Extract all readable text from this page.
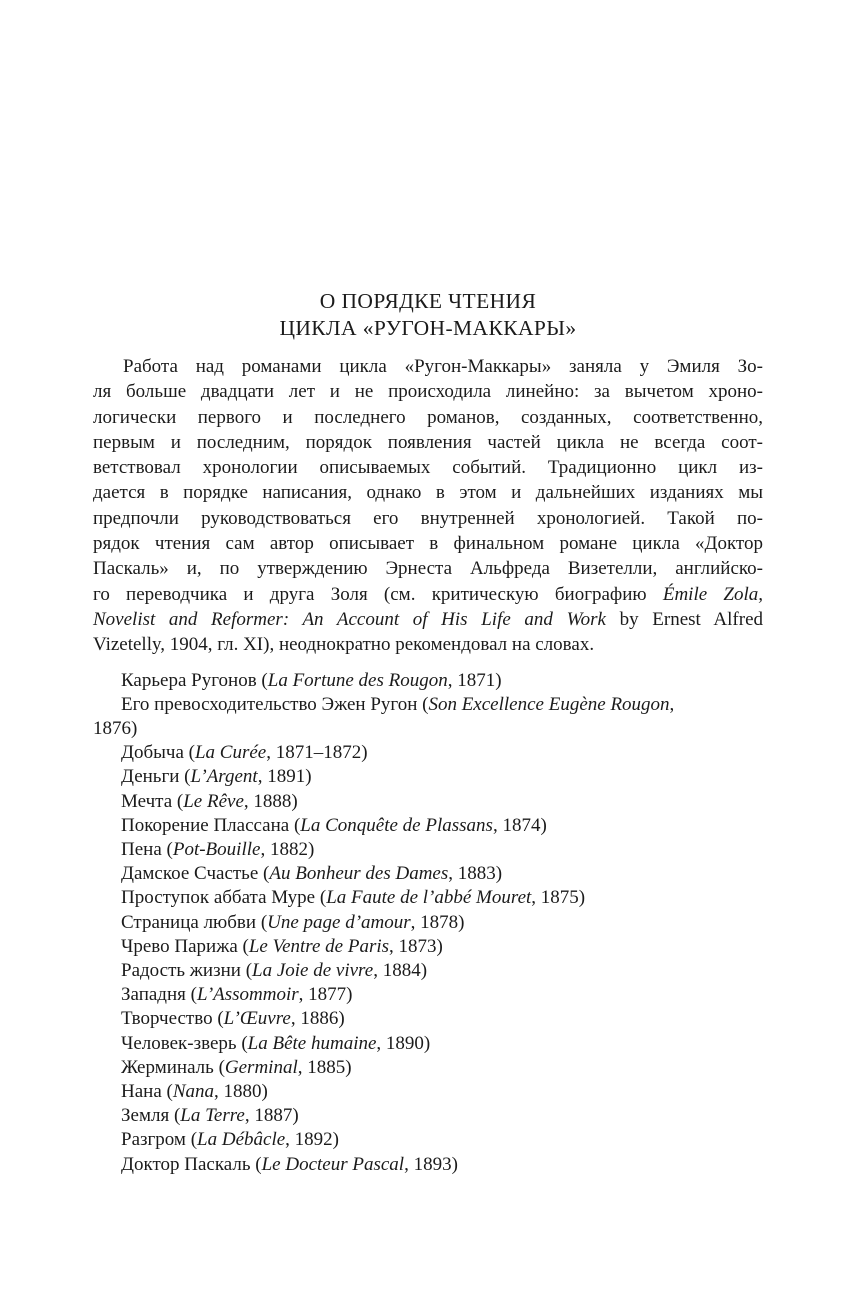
О ПОРЯДКЕ ЧТЕНИЯ
ЦИКЛА «РУГОН-МАККАРЫ»
Работа над романами цикла «Ругон-Маккары» заняла у Эмиля Зо-
ля больше двадцати лет и не происходила линейно: за вычетом хроно-
логически первого и последнего романов, созданных, соответственно,
первым и последним, порядок появления частей цикла не всегда соот-
ветствовал хронологии описываемых событий. Традиционно цикл из-
дается в порядке написания, однако в этом и дальнейших изданиях мы
предпочли руководствоваться его внутренней хронологией. Такой по-
рядок чтения сам автор описывает в финальном романе цикла «Доктор
Паскаль» и, по утверждению Эрнеста Альфреда Визетелли, английско-
го переводчика и друга Золя (см. критическую биографию Émile Zola,
Novelist and Reformer: An Account of His Life and Work by Ernest Alfred
Vizetelly, 1904, гл. XI), неоднократно рекомендовал на словах.
Карьера Ругонов (La Fortune des Rougon, 1871)
Его превосходительство Эжен Ругон (Son Excellence Eugène Rougon,
1876)
Добыча (La Curée, 1871–1872)
Деньги (L’Argent, 1891)
Мечта (Le Rêve, 1888)
Покорение Плассана (La Conquête de Plassans, 1874)
Пена (Pot-Bouille, 1882)
Дамское Счастье (Au Bonheur des Dames, 1883)
Проступок аббата Муре (La Faute de l’abbé Mouret, 1875)
Страница любви (Une page d’amour, 1878)
Чрево Парижа (Le Ventre de Paris, 1873)
Радость жизни (La Joie de vivre, 1884)
Западня (L’Assommoir, 1877)
Творчество (L’Œuvre, 1886)
Человек-зверь (La Bête humaine, 1890)
Жерминаль (Germinal, 1885)
Нана (Nana, 1880)
Земля (La Terre, 1887)
Разгром (La Débâcle, 1892)
Доктор Паскаль (Le Docteur Pascal, 1893)
